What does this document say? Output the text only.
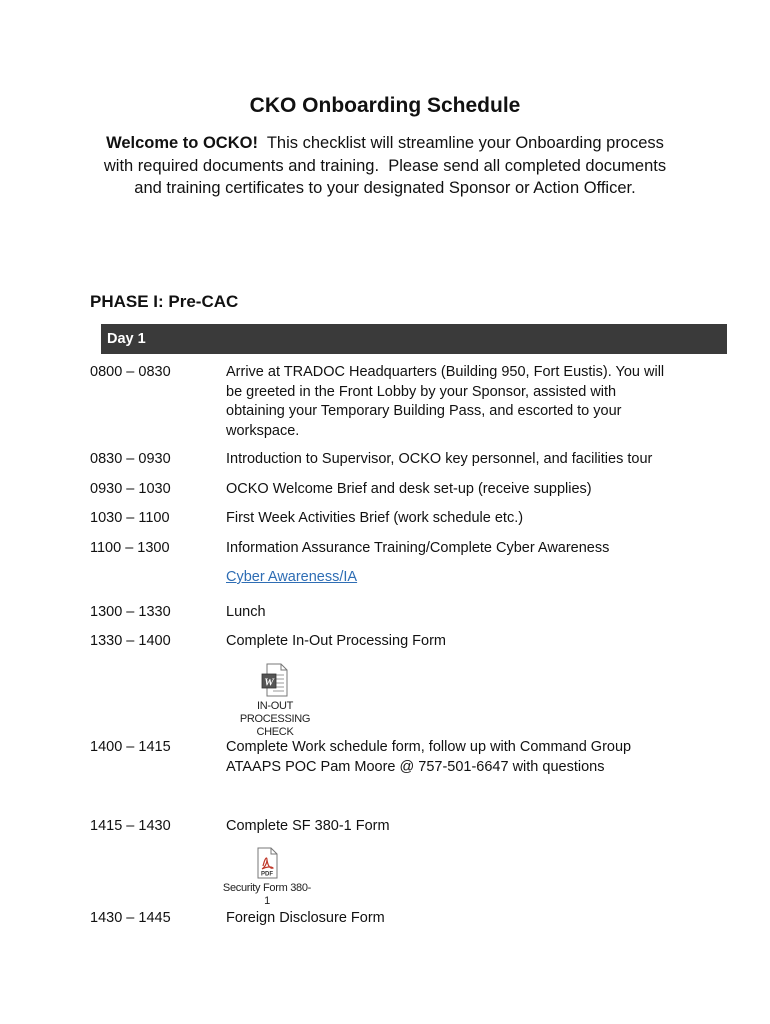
CKO Onboarding Schedule

Welcome to OCKO!  This checklist will streamline your Onboarding process with required documents and training.  Please send all completed documents and training certificates to your designated Sponsor or Action Officer.

PHASE I: Pre-CAC
Day 1
0800 – 0830	Arrive at TRADOC Headquarters (Building 950, Fort Eustis). You will be greeted in the Front Lobby by your Sponsor, assisted with obtaining your Temporary Building Pass, and escorted to your workspace.
0830 – 0930	Introduction to Supervisor, OCKO key personnel, and facilities tour
0930 – 1030	OCKO Welcome Brief and desk set-up (receive supplies)
1030 – 1100	First Week Activities Brief (work schedule etc.)
1100 – 1300	Information Assurance Training/Complete Cyber Awareness
Cyber Awareness/IA
1300 – 1330	Lunch
1330 – 1400	Complete In-Out Processing Form
W
IN-OUT
PROCESSING CHECK
1400 – 1415	Complete Work schedule form, follow up with Command Group ATAAPS POC Pam Moore @ 757-501-6647 with questions
1415 – 1430	Complete SF 380-1 Form
PDF
Security Form 380-1
1430 – 1445	Foreign Disclosure Form
